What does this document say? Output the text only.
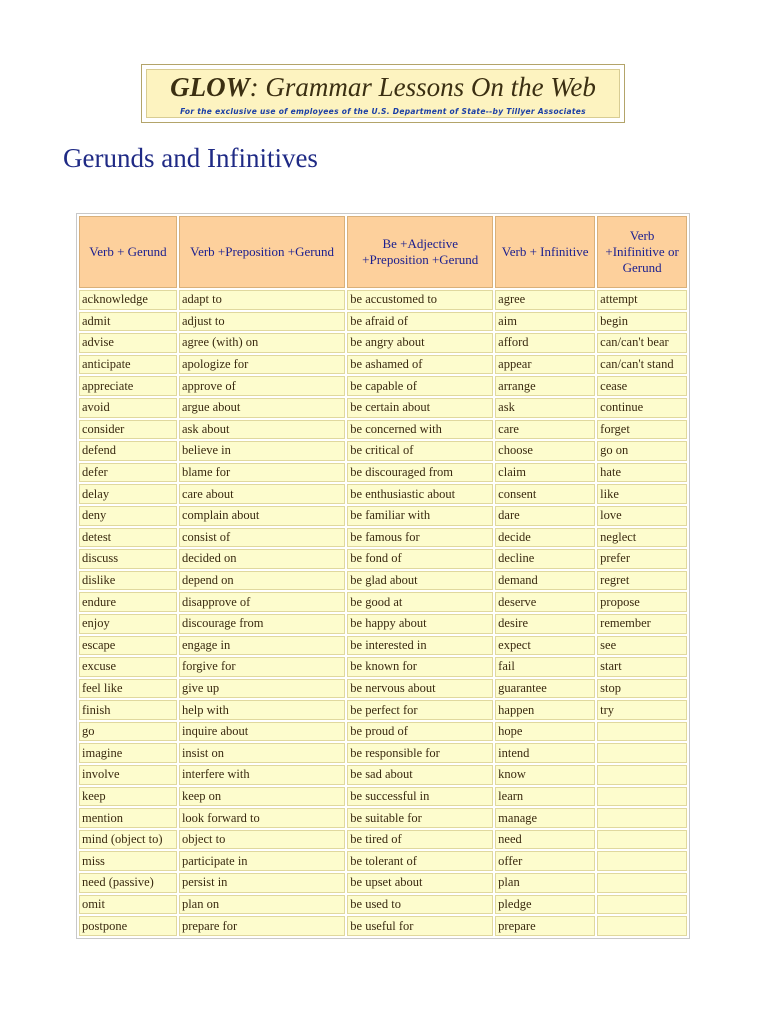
GLOW: Grammar Lessons On the Web
For the exclusive use of employees of the U.S. Department of State--by Tillyer Associates
Gerunds and Infinitives
Verb + Gerund	Verb +Preposition +Gerund	Be +Adjective +Preposition +Gerund	Verb + Infinitive	Verb +Inifinitive or Gerund
acknowledge	adapt to	be accustomed to	agree	attempt
admit	adjust to	be afraid of	aim	begin
advise	agree (with) on	be angry about	afford	can/can't bear
anticipate	apologize for	be ashamed of	appear	can/can't stand
appreciate	approve of	be capable of	arrange	cease
avoid	argue about	be certain about	ask	continue
consider	ask about	be concerned with	care	forget
defend	believe in	be critical of	choose	go on
defer	blame for	be discouraged from	claim	hate
delay	care about	be enthusiastic about	consent	like
deny	complain about	be familiar with	dare	love
detest	consist of	be famous for	decide	neglect
discuss	decided on	be fond of	decline	prefer
dislike	depend on	be glad about	demand	regret
endure	disapprove of	be good at	deserve	propose
enjoy	discourage from	be happy about	desire	remember
escape	engage in	be interested in	expect	see
excuse	forgive for	be known for	fail	start
feel like	give up	be nervous about	guarantee	stop
finish	help with	be perfect for	happen	try
go	inquire about	be proud of	hope	
imagine	insist on	be responsible for	intend	
involve	interfere with	be sad about	know	
keep	keep on	be successful in	learn	
mention	look forward to	be suitable for	manage	
mind (object to)	object to	be tired of	need	
miss	participate in	be tolerant of	offer	
need (passive)	persist in	be upset about	plan	
omit	plan on	be used to	pledge	
postpone	prepare for	be useful for	prepare	
